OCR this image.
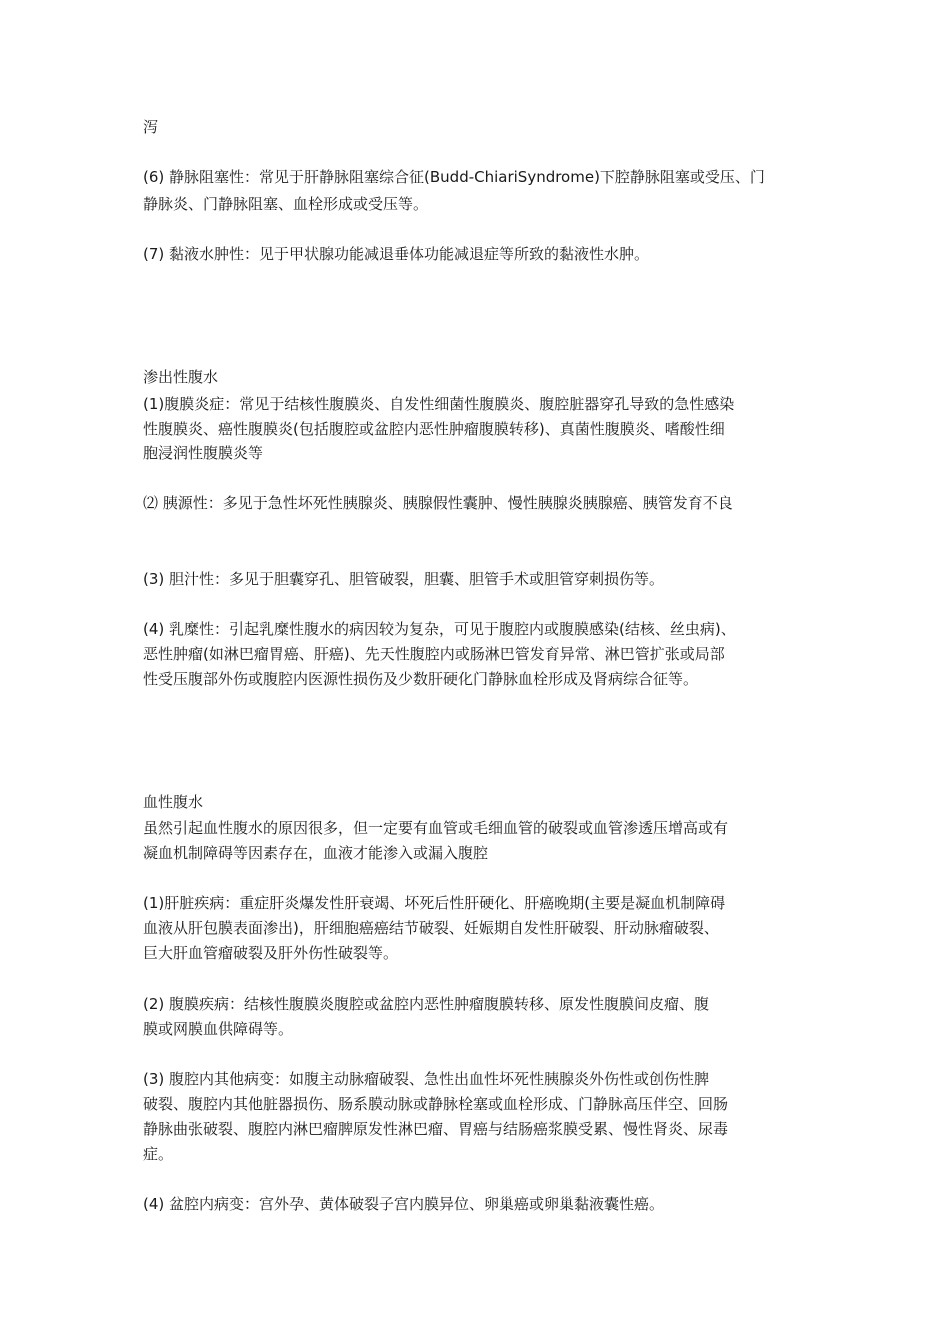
泻
(6) 静脉阻塞性：常见于肝静脉阻塞综合征(Budd-ChiariSyndrome)下腔静脉阻塞或受压、门
静脉炎、门静脉阻塞、血栓形成或受压等。
(7) 黏液水肿性：见于甲状腺功能减退垂体功能减退症等所致的黏液性水肿。
渗出性腹水
(1)腹膜炎症：常见于结核性腹膜炎、自发性细菌性腹膜炎、腹腔脏器穿孔导致的急性感染
性腹膜炎、癌性腹膜炎(包括腹腔或盆腔内恶性肿瘤腹膜转移)、真菌性腹膜炎、嗜酸性细
胞浸润性腹膜炎等
⑵ 胰源性：多见于急性坏死性胰腺炎、胰腺假性囊肿、慢性胰腺炎胰腺癌、胰管发育不良
(3) 胆汁性：多见于胆囊穿孔、胆管破裂，胆囊、胆管手术或胆管穿刺损伤等。
(4) 乳糜性：引起乳糜性腹水的病因较为复杂，可见于腹腔内或腹膜感染(结核、丝虫病)、
恶性肿瘤(如淋巴瘤胃癌、肝癌)、先天性腹腔内或肠淋巴管发育异常、淋巴管扩张或局部
性受压腹部外伤或腹腔内医源性损伤及少数肝硬化门静脉血栓形成及肾病综合征等。
血性腹水
虽然引起血性腹水的原因很多，但一定要有血管或毛细血管的破裂或血管渗透压增高或有
凝血机制障碍等因素存在，血液才能渗入或漏入腹腔
(1)肝脏疾病：重症肝炎爆发性肝衰竭、坏死后性肝硬化、肝癌晚期(主要是凝血机制障碍
血液从肝包膜表面渗出)，肝细胞癌癌结节破裂、妊娠期自发性肝破裂、肝动脉瘤破裂、
巨大肝血管瘤破裂及肝外伤性破裂等。
(2) 腹膜疾病：结核性腹膜炎腹腔或盆腔内恶性肿瘤腹膜转移、原发性腹膜间皮瘤、腹
膜或网膜血供障碍等。
(3) 腹腔内其他病变：如腹主动脉瘤破裂、急性出血性坏死性胰腺炎外伤性或创伤性脾
破裂、腹腔内其他脏器损伤、肠系膜动脉或静脉栓塞或血栓形成、门静脉高压伴空、回肠
静脉曲张破裂、腹腔内淋巴瘤脾原发性淋巴瘤、胃癌与结肠癌浆膜受累、慢性肾炎、尿毒
症。
(4) 盆腔内病变：宫外孕、黄体破裂子宫内膜异位、卵巢癌或卵巢黏液囊性癌。
